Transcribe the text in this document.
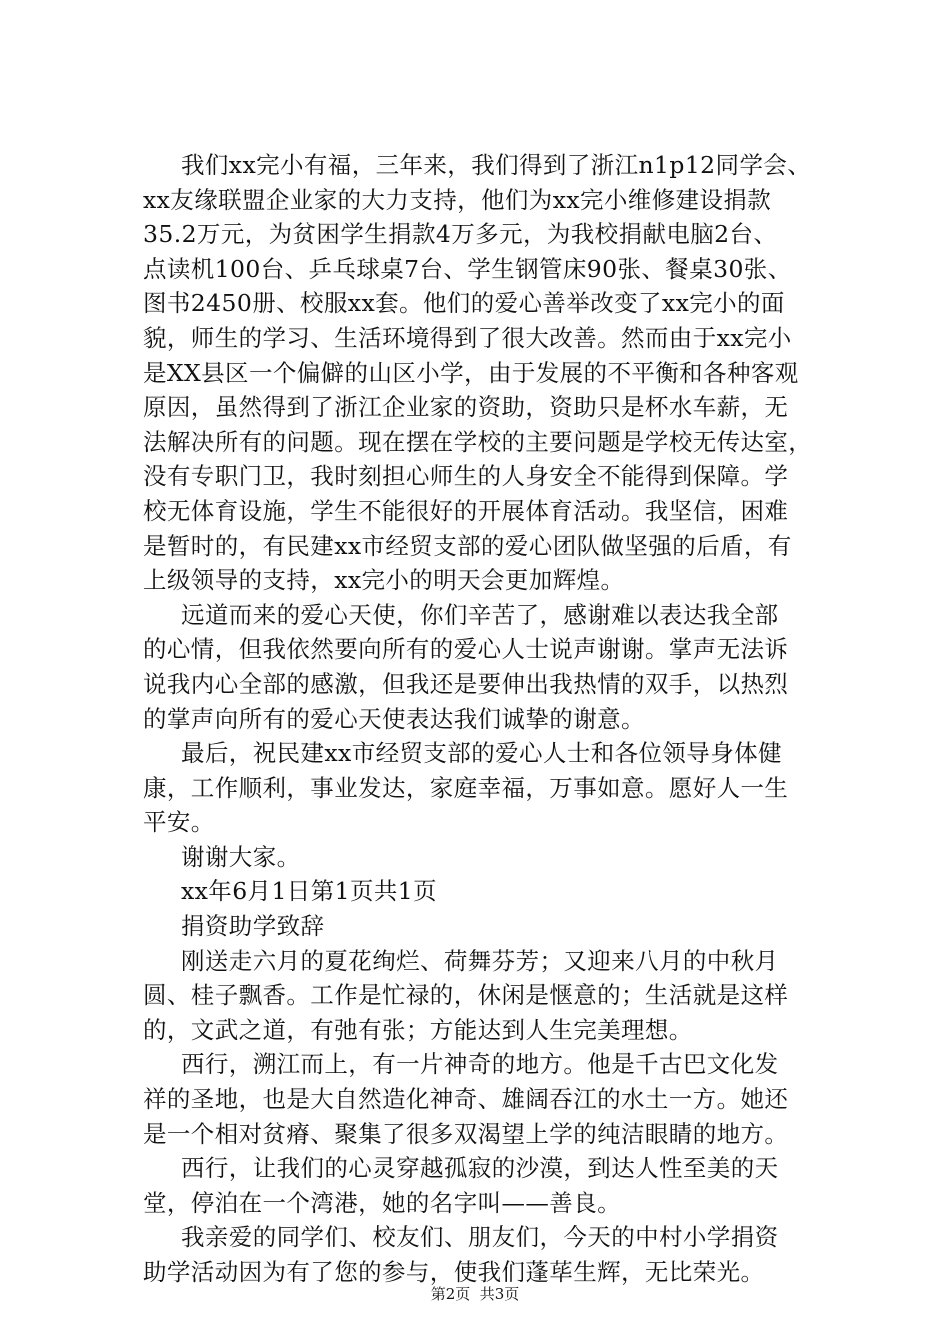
我们xx完小有福，三年来，我们得到了浙江n1p12同学会、
xx友缘联盟企业家的大力支持，他们为xx完小维修建设捐款
35.2万元，为贫困学生捐款4万多元，为我校捐献电脑2台、
点读机100台、乒乓球桌7台、学生钢管床90张、餐桌30张、
图书2450册、校服xx套。他们的爱心善举改变了xx完小的面
貌，师生的学习、生活环境得到了很大改善。然而由于xx完小
是XX县区一个偏僻的山区小学，由于发展的不平衡和各种客观
原因，虽然得到了浙江企业家的资助，资助只是杯水车薪，无
法解决所有的问题。现在摆在学校的主要问题是学校无传达室，
没有专职门卫，我时刻担心师生的人身安全不能得到保障。学
校无体育设施，学生不能很好的开展体育活动。我坚信，困难
是暂时的，有民建xx市经贸支部的爱心团队做坚强的后盾，有
上级领导的支持，xx完小的明天会更加辉煌。
远道而来的爱心天使，你们辛苦了，感谢难以表达我全部
的心情，但我依然要向所有的爱心人士说声谢谢。掌声无法诉
说我内心全部的感激，但我还是要伸出我热情的双手，以热烈
的掌声向所有的爱心天使表达我们诚挚的谢意。
最后，祝民建xx市经贸支部的爱心人士和各位领导身体健
康，工作顺利，事业发达，家庭幸福，万事如意。愿好人一生
平安。
谢谢大家。
xx年6月1日第1页共1页
捐资助学致辞
刚送走六月的夏花绚烂、荷舞芬芳；又迎来八月的中秋月
圆、桂子飘香。工作是忙禄的，休闲是惬意的；生活就是这样
的，文武之道，有弛有张；方能达到人生完美理想。
西行，溯江而上，有一片神奇的地方。他是千古巴文化发
祥的圣地，也是大自然造化神奇、雄阔吞江的水土一方。她还
是一个相对贫瘠、聚集了很多双渴望上学的纯洁眼睛的地方。
西行，让我们的心灵穿越孤寂的沙漠，到达人性至美的天
堂，停泊在一个湾港，她的名字叫——善良。
我亲爱的同学们、校友们、朋友们，今天的中村小学捐资
助学活动因为有了您的参与，使我们蓬荜生辉，无比荣光。
第2页  共3页
